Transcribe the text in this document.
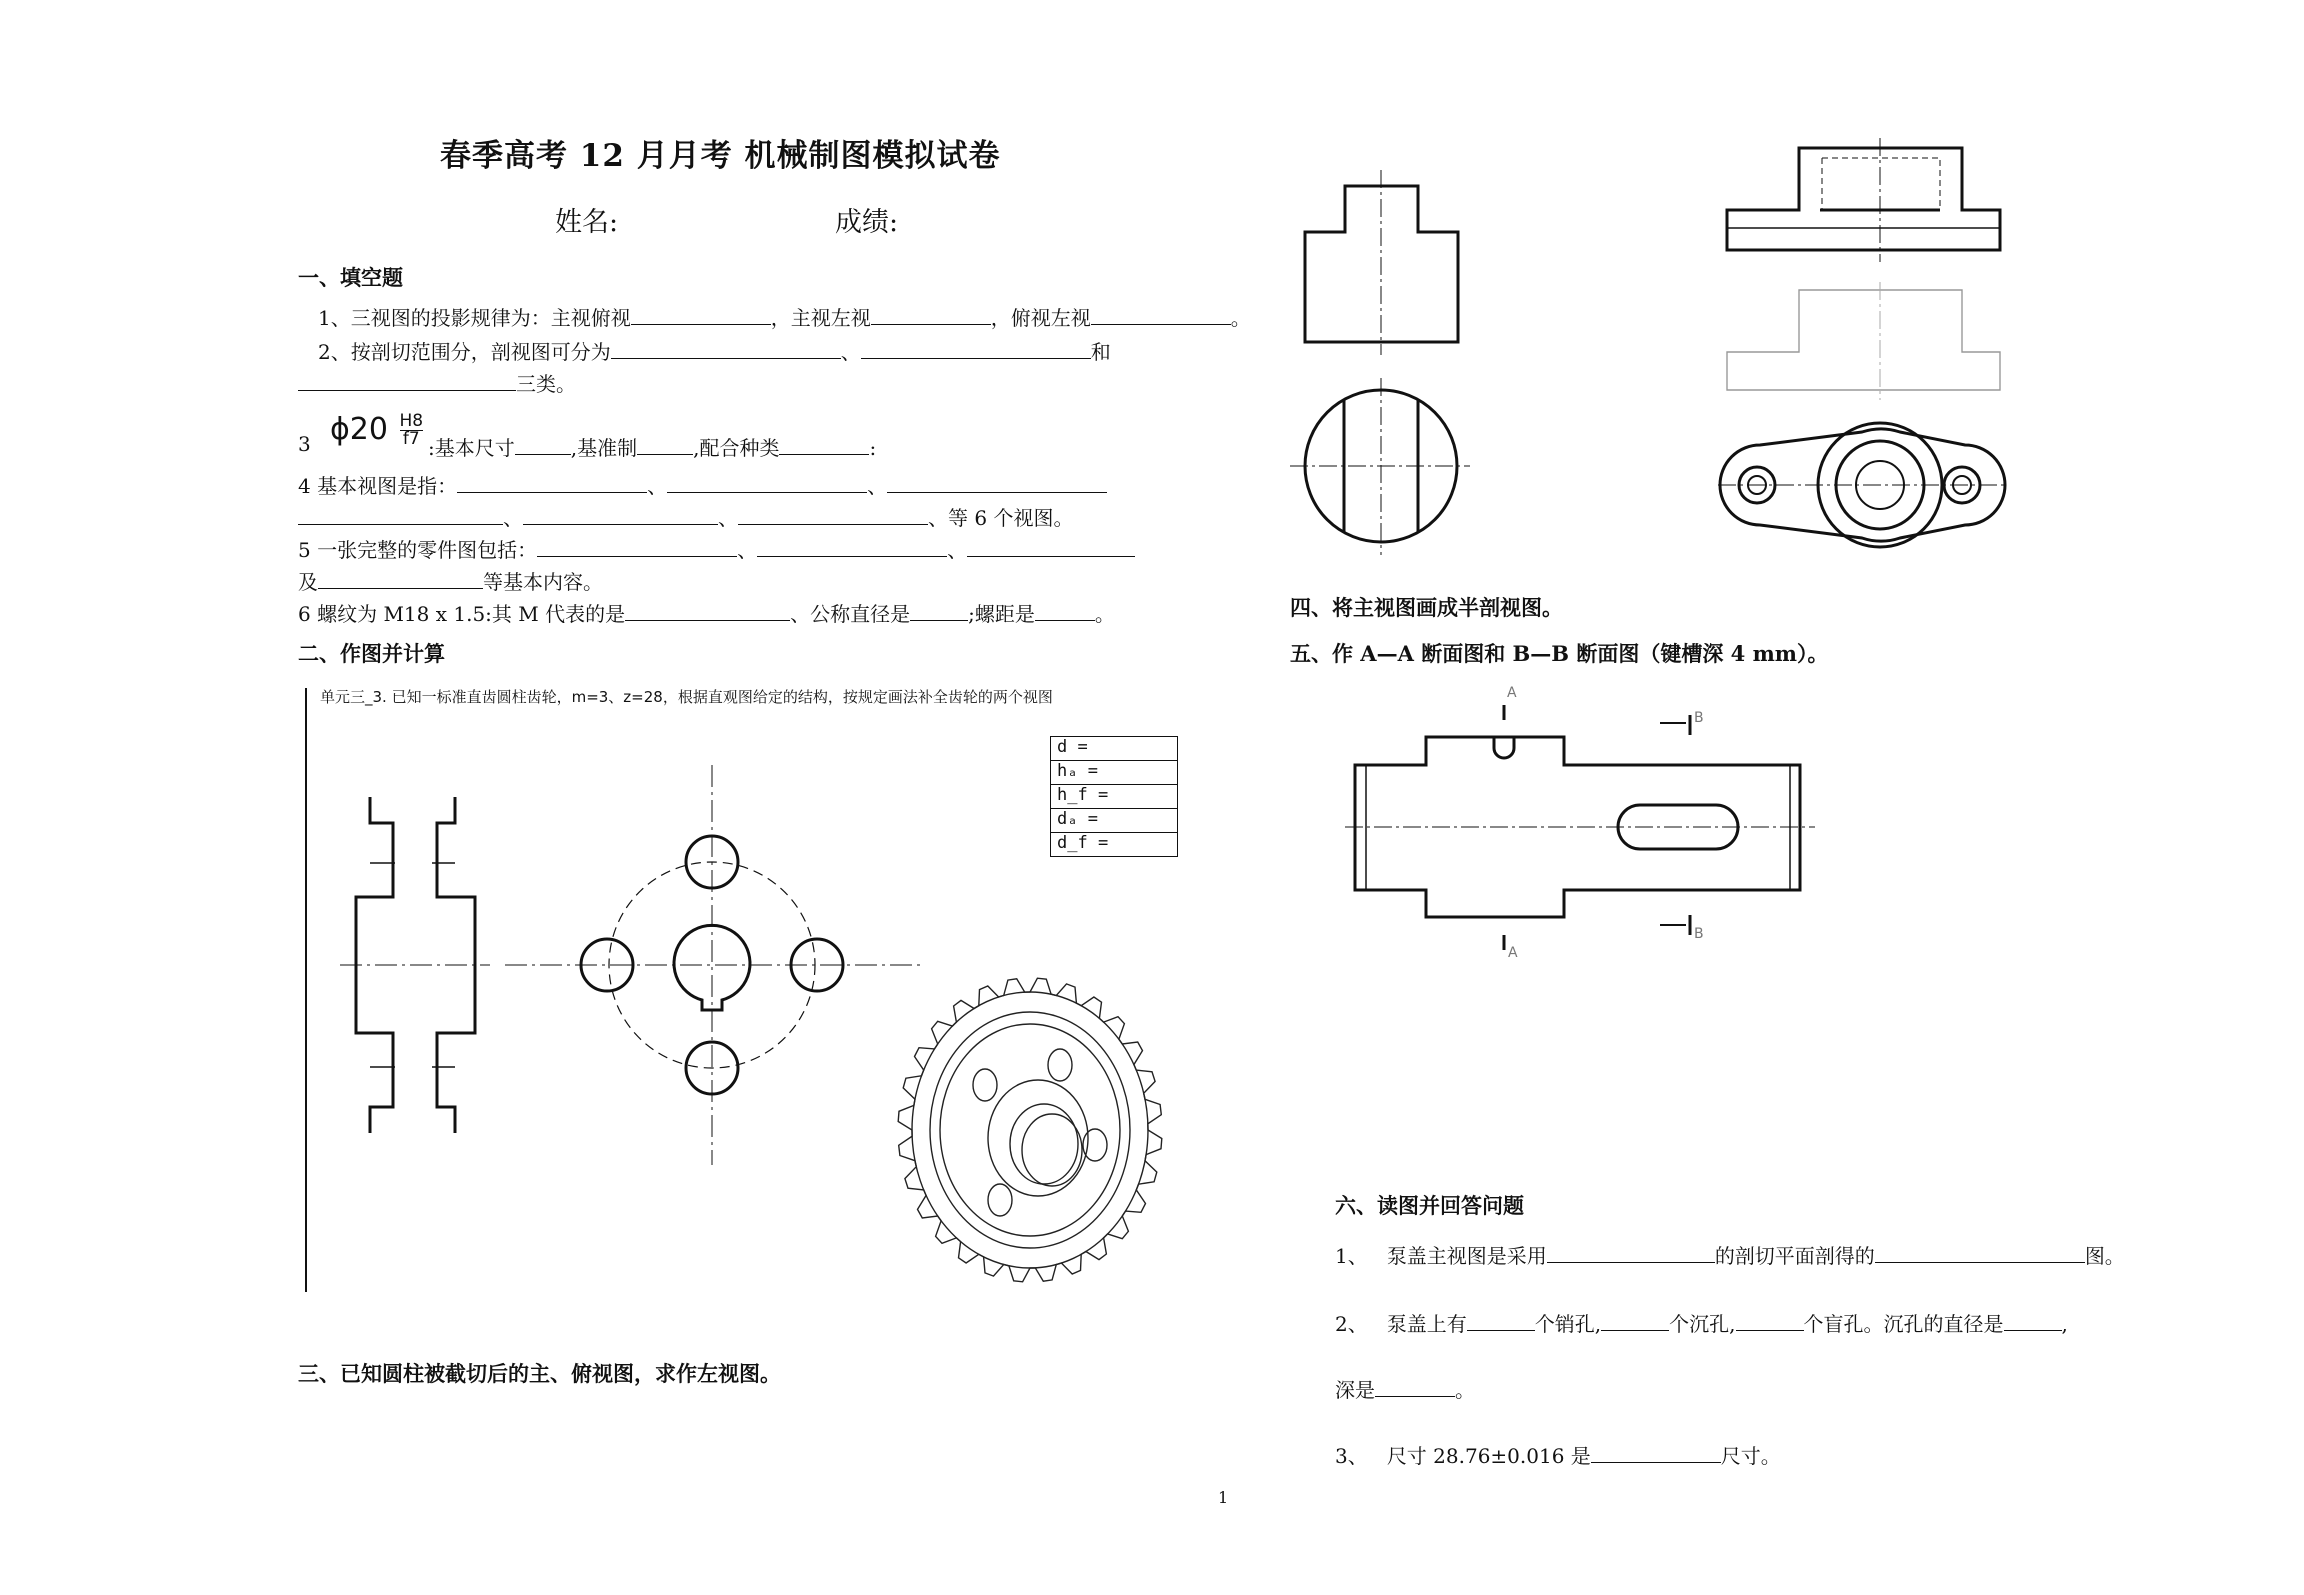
春季高考 12 月月考 机械制图模拟试卷
姓名:	成绩:
一、填空题
1、三视图的投影规律为：主视俯视	，主视左视	，俯视左视	。
2、按剖切范围分，剖视图可分为	、	和
三类。
3 $\phi 20 \frac{H8}{f7}$ :基本尺寸	,基准制	,配合种类	:
4 基本视图是指：	、	、
、	、	、等 6 个视图。
5 一张完整的零件图包括：	、	、
及	等基本内容。
6 螺纹为 M18 x 1.5:其 M 代表的是	、公称直径是	;螺距是	。
二、作图并计算
单元三_3. 已知一标准直齿圆柱齿轮，m=3、z=28，根据直观图给定的结构，按规定画法补全齿轮的两个视图
d =
hₐ =
h_f =
dₐ =
d_f =
三、已知圆柱被截切后的主、俯视图，求作左视图。
四、将主视图画成半剖视图。
五、作 A—A 断面图和 B—B 断面图（键槽深 4 mm）。
六、读图并回答问题
1、 泵盖主视图是采用	的剖切平面剖得的	图。
2、 泵盖上有	个销孔,	个沉孔,	个盲孔。沉孔的直径是	,
深是	。
3、 尺寸 28.76±0.016 是	尺寸。
1
A
A
B
B
